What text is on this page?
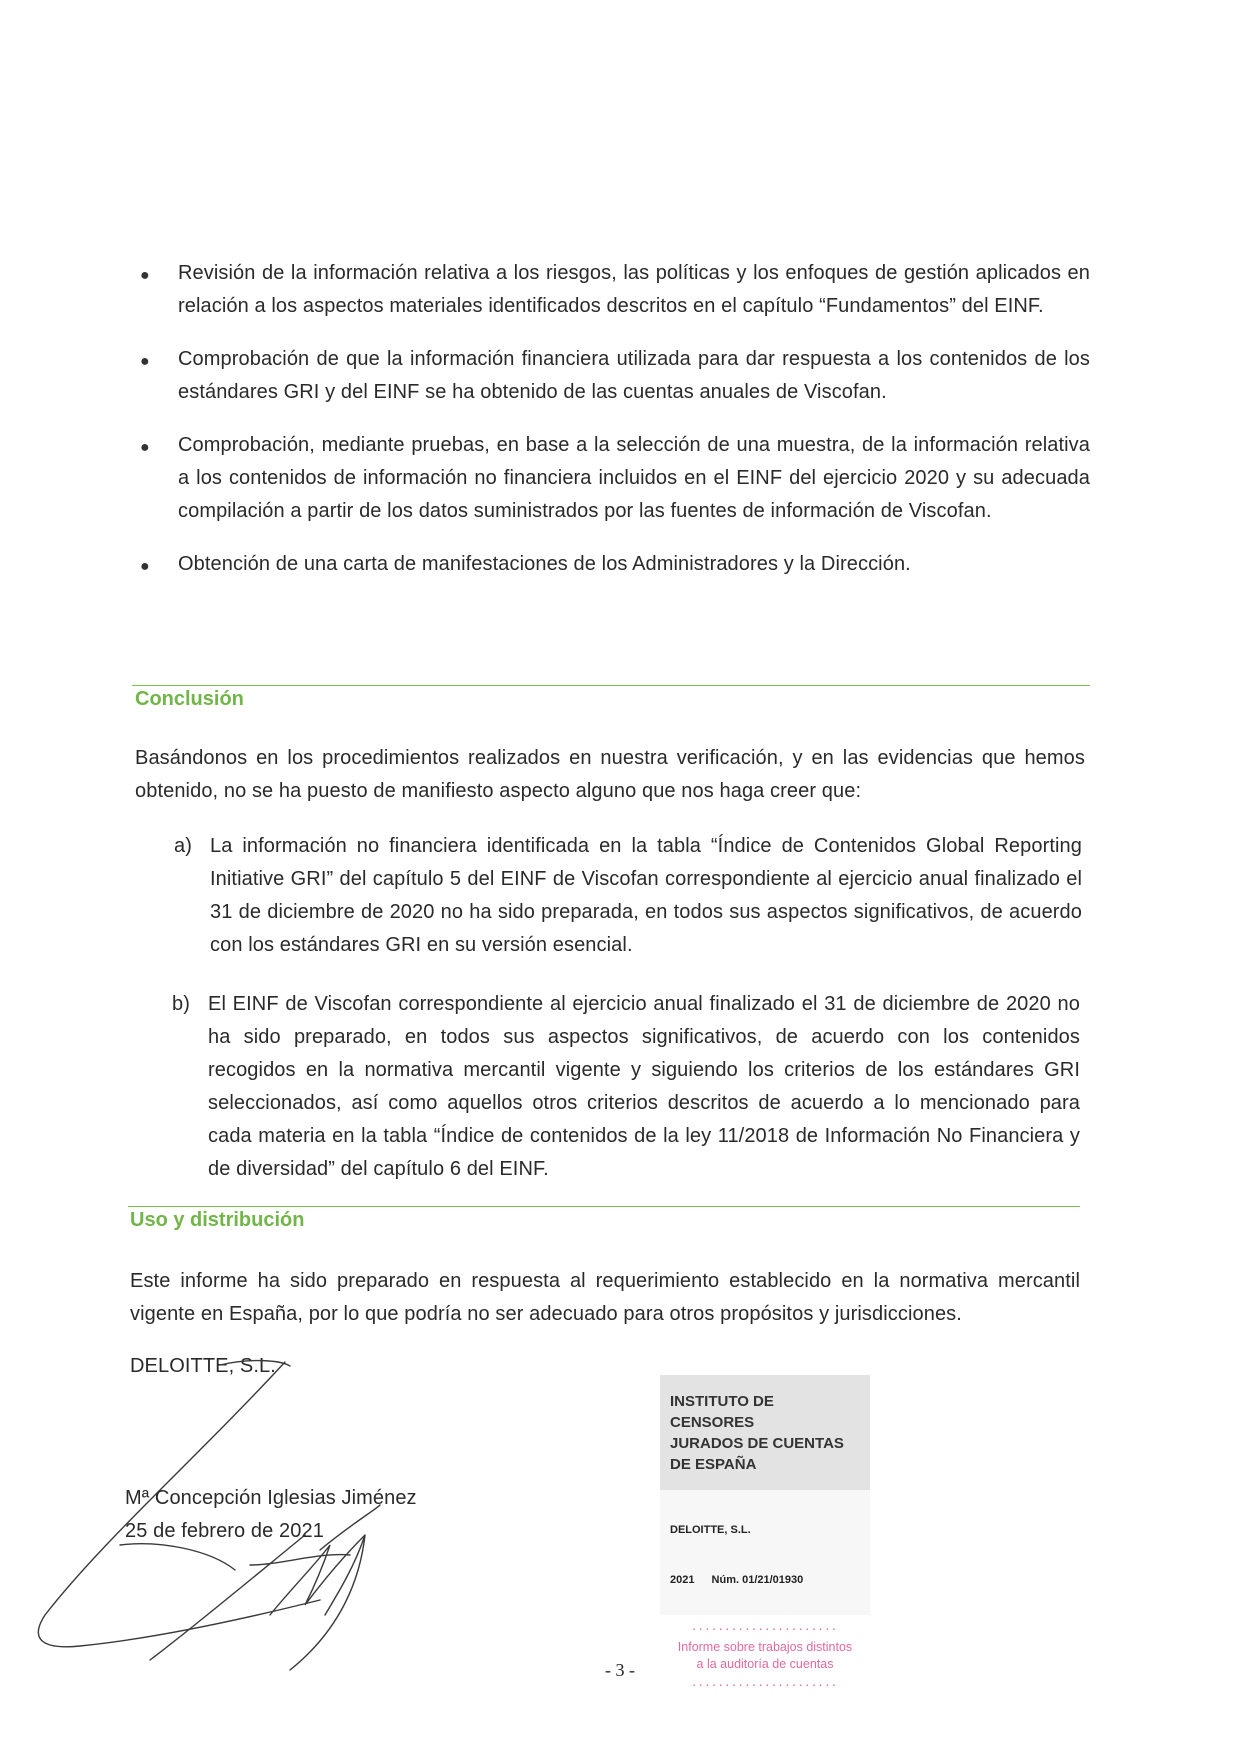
● Revisión de la información relativa a los riesgos, las políticas y los enfoques de gestión aplicados en relación a los aspectos materiales identificados descritos en el capítulo “Fundamentos” del EINF.
● Comprobación de que la información financiera utilizada para dar respuesta a los contenidos de los estándares GRI y del EINF se ha obtenido de las cuentas anuales de Viscofan.
● Comprobación, mediante pruebas, en base a la selección de una muestra, de la información relativa a los contenidos de información no financiera incluidos en el EINF del ejercicio 2020 y su adecuada compilación a partir de los datos suministrados por las fuentes de información de Viscofan.
● Obtención de una carta de manifestaciones de los Administradores y la Dirección.
Conclusión
Basándonos en los procedimientos realizados en nuestra verificación, y en las evidencias que hemos obtenido, no se ha puesto de manifiesto aspecto alguno que nos haga creer que:
a) La información no financiera identificada en la tabla “Índice de Contenidos Global Reporting Initiative GRI” del capítulo 5 del EINF de Viscofan correspondiente al ejercicio anual finalizado el 31 de diciembre de 2020 no ha sido preparada, en todos sus aspectos significativos, de acuerdo con los estándares GRI en su versión esencial.
b) El EINF de Viscofan correspondiente al ejercicio anual finalizado el 31 de diciembre de 2020 no ha sido preparado, en todos sus aspectos significativos, de acuerdo con los contenidos recogidos en la normativa mercantil vigente y siguiendo los criterios de los estándares GRI seleccionados, así como aquellos otros criterios descritos de acuerdo a lo mencionado para cada materia en la tabla “Índice de contenidos de la ley 11/2018 de Información No Financiera y de diversidad” del capítulo 6 del EINF.
Uso y distribución
Este informe ha sido preparado en respuesta al requerimiento establecido en la normativa mercantil vigente en España, por lo que podría no ser adecuado para otros propósitos y jurisdicciones.
DELOITTE, S.L.
Mª Concepción Iglesias Jiménez
25 de febrero de 2021
INSTITUTO DE CENSORES
JURADOS DE CUENTAS
DE ESPAÑA
DELOITTE, S.L.
2021 Núm. 01/21/01930
······················
Informe sobre trabajos distintos
a la auditoría de cuentas
······················
- 3 -
